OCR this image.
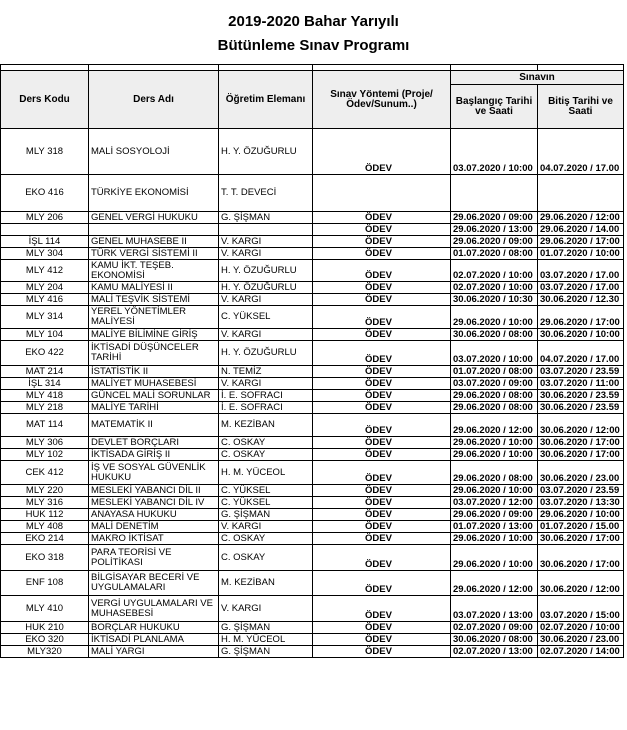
2019-2020 Bahar Yarıyılı
Bütünleme Sınav Programı

Ders Kodu	Ders Adı	Öğretim Elemanı	Sınav Yöntemi (Proje/Ödev/Sunum..)	Sınavın	
				Başlangıç Tarihi ve Saati	Bitiş Tarihi ve Saati
MLY 318	MALİ SOSYOLOJİ	H. Y. ÖZUĞURLU	ÖDEV	03.07.2020 / 10:00	04.07.2020 / 17.00
EKO 416	TÜRKİYE EKONOMİSİ	T. T. DEVECİ			
MLY 206	GENEL VERGİ HUKUKU	G. ŞİŞMAN	ÖDEV	29.06.2020 / 09:00	29.06.2020 / 12:00
			ÖDEV	29.06.2020 / 13:00	29.06.2020 / 14.00
İŞL 114	GENEL MUHASEBE II	V. KARGI	ÖDEV	29.06.2020 / 09:00	29.06.2020 / 17:00
MLY 304	TÜRK VERGİ SİSTEMİ II	V. KARGI	ÖDEV	01.07.2020 / 08:00	01.07.2020 / 10:00
MLY 412	KAMU İKT. TEŞEB. EKONOMİSİ	H. Y. ÖZUĞURLU	ÖDEV	02.07.2020 / 10:00	03.07.2020 / 17.00
MLY 204	KAMU MALİYESİ II	H. Y. ÖZUĞURLU	ÖDEV	02.07.2020 / 10:00	03.07.2020 / 17.00
MLY 416	MALİ TEŞVİK SİSTEMİ	V. KARGI	ÖDEV	30.06.2020 / 10:30	30.06.2020 / 12.30
MLY 314	YEREL YÖNETİMLER MALİYESİ	C. YÜKSEL	ÖDEV	29.06.2020 / 10:00	29.06.2020 / 17:00
MLY 104	MALİYE BİLİMİNE GİRİŞ	V. KARGI	ÖDEV	30.06.2020 / 08:00	30.06.2020 / 10:00
EKO 422	İKTİSADİ DÜŞÜNCELER TARİHİ	H. Y. ÖZUĞURLU	ÖDEV	03.07.2020 / 10:00	04.07.2020 / 17.00
MAT 214	İSTATİSTİK II	N. TEMİZ	ÖDEV	01.07.2020 / 08:00	03.07.2020 / 23.59
İŞL 314	MALİYET MUHASEBESİ	V. KARGI	ÖDEV	03.07.2020 / 09:00	03.07.2020 / 11:00
MLY 418	GÜNCEL MALİ SORUNLAR	İ. E. SOFRACI	ÖDEV	29.06.2020 / 08:00	30.06.2020 / 23.59
MLY 218	MALİYE TARİHİ	İ. E. SOFRACI	ÖDEV	29.06.2020 / 08:00	30.06.2020 / 23.59
MAT 114	MATEMATİK II	M. KEZİBAN	ÖDEV	29.06.2020 / 12:00	30.06.2020 / 12:00
MLY 306	DEVLET BORÇLARI	C. OSKAY	ÖDEV	29.06.2020 / 10:00	30.06.2020 / 17:00
MLY 102	İKTİSADA GİRİŞ II	C. OSKAY	ÖDEV	29.06.2020 / 10:00	30.06.2020 / 17:00
CEK 412	İŞ VE SOSYAL GÜVENLİK HUKUKU	H. M. YÜCEOL	ÖDEV	29.06.2020 / 08:00	30.06.2020 / 23.00
MLY 220	MESLEKİ YABANCI DİL II	C. YÜKSEL	ÖDEV	29.06.2020 / 10:00	03.07.2020 / 23.59
MLY 316	MESLEKİ YABANCI DİL IV	C. YÜKSEL	ÖDEV	03.07.2020 / 12:00	03.07.2020 / 13:30
HUK 112	ANAYASA HUKUKU	G. ŞİŞMAN	ÖDEV	29.06.2020 / 09:00	29.06.2020 / 10:00
MLY 408	MALİ DENETİM	V. KARGI	ÖDEV	01.07.2020 / 13:00	01.07.2020 / 15.00
EKO 214	MAKRO İKTİSAT	C. OSKAY	ÖDEV	29.06.2020 / 10:00	30.06.2020 / 17:00
EKO 318	PARA TEORİSİ VE POLİTİKASI	C. OSKAY	ÖDEV	29.06.2020 / 10:00	30.06.2020 / 17:00
ENF 108	BİLGİSAYAR BECERİ VE UYGULAMALARI	M. KEZİBAN	ÖDEV	29.06.2020 / 12:00	30.06.2020 / 12:00
MLY 410	VERGİ UYGULAMALARI VE MUHASEBESİ	V. KARGI	ÖDEV	03.07.2020 / 13:00	03.07.2020 / 15:00
HUK 210	BORÇLAR HUKUKU	G. ŞİŞMAN	ÖDEV	02.07.2020 / 09:00	02.07.2020 / 10:00
EKO 320	İKTİSADİ PLANLAMA	H. M. YÜCEOL	ÖDEV	30.06.2020 / 08:00	30.06.2020 / 23.00
MLY320	MALİ YARGI	G. ŞİŞMAN	ÖDEV	02.07.2020 / 13:00	02.07.2020 / 14:00
